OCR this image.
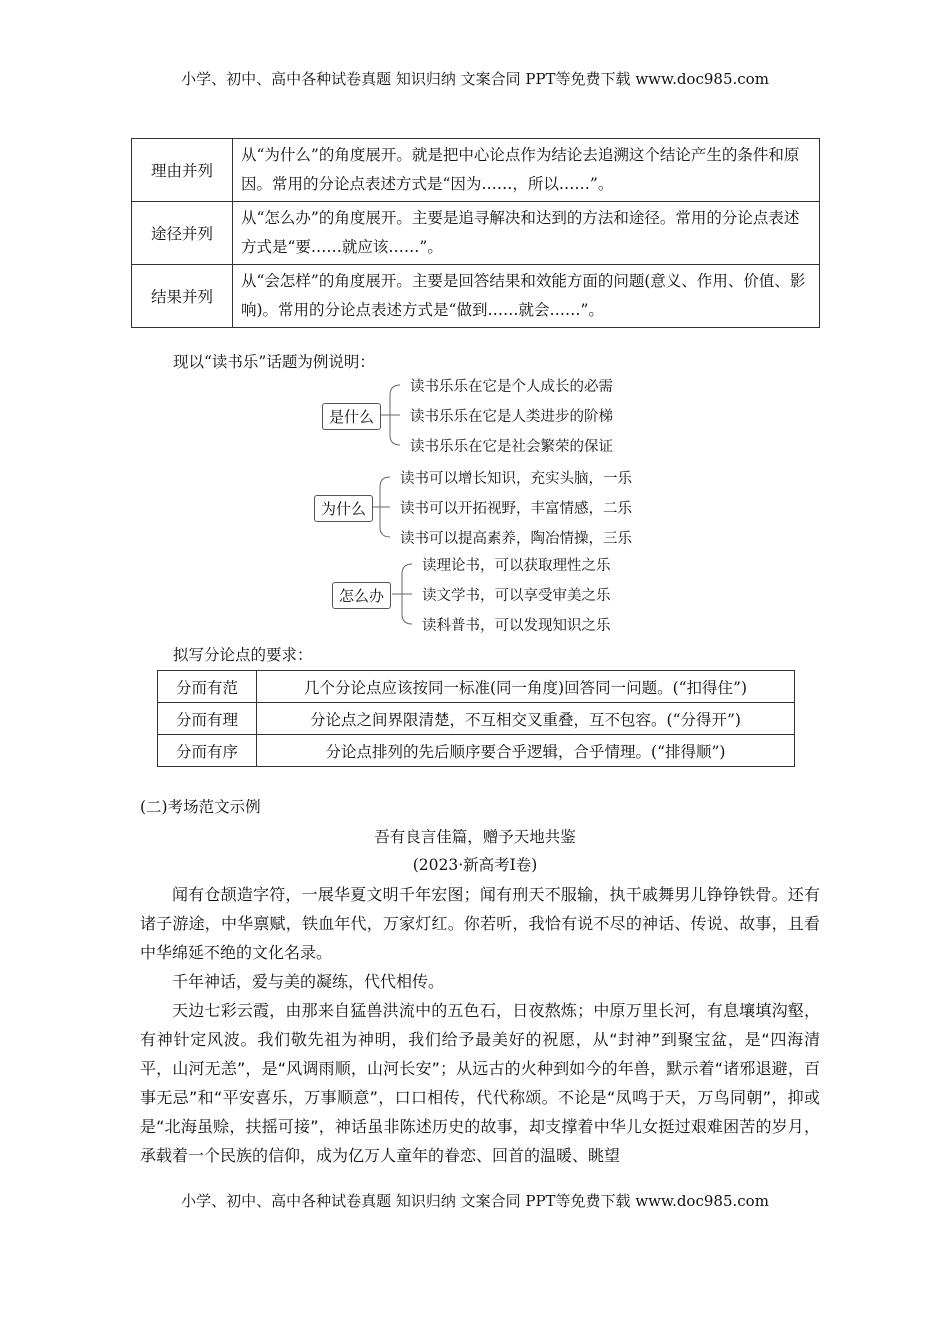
小学、初中、高中各种试卷真题 知识归纳 文案合同 PPT等免费下载 www.doc985.com
理由并列	从“为什么”的角度展开。就是把中心论点作为结论去追溯这个结论产生的条件和原因。常用的分论点表述方式是“因为……，所以……”。
途径并列	从“怎么办”的角度展开。主要是追寻解决和达到的方法和途径。常用的分论点表述方式是“要……就应该……”。
结果并列	从“会怎样”的角度展开。主要是回答结果和效能方面的问题(意义、作用、价值、影响)。常用的分论点表述方式是“做到……就会……”。
现以“读书乐”话题为例说明：
是什么
读书乐乐在它是个人成长的必需
读书乐乐在它是人类进步的阶梯
读书乐乐在它是社会繁荣的保证
为什么
读书可以增长知识，充实头脑，一乐
读书可以开拓视野，丰富情感，二乐
读书可以提高素养，陶冶情操，三乐
怎么办
读理论书，可以获取理性之乐
读文学书，可以享受审美之乐
读科普书，可以发现知识之乐
拟写分论点的要求：
分而有范	几个分论点应该按同一标准(同一角度)回答同一问题。(“扣得住”)
分而有理	分论点之间界限清楚，不互相交叉重叠，互不包容。(“分得开”)
分而有序	分论点排列的先后顺序要合乎逻辑，合乎情理。(“排得顺”)
(二)考场范文示例
吾有良言佳篇，赠予天地共鉴
(2023·新高考Ⅰ卷)

闻有仓颉造字符，一展华夏文明千年宏图；闻有刑天不服输，执干戚舞男儿铮铮铁骨。还有诸子游途，中华禀赋，铁血年代，万家灯红。你若听，我恰有说不尽的神话、传说、故事，且看中华绵延不绝的文化名录。

千年神话，爱与美的凝练，代代相传。

天边七彩云霞，由那来自猛兽洪流中的五色石，日夜熬炼；中原万里长河，有息壤填沟壑，有神针定风波。我们敬先祖为神明，我们给予最美好的祝愿，从“封神”到聚宝盆，是“四海清平，山河无恙”，是“风调雨顺，山河长安”；从远古的火种到如今的年兽，默示着“诸邪退避，百事无忌”和“平安喜乐，万事顺意”，口口相传，代代称颂。不论是“凤鸣于天，万鸟同朝”，抑或是“北海虽赊，扶摇可接”，神话虽非陈述历史的故事，却支撑着中华儿女挺过艰难困苦的岁月，承载着一个民族的信仰，成为亿万人童年的眷恋、回首的温暖、眺望

小学、初中、高中各种试卷真题 知识归纳 文案合同 PPT等免费下载 www.doc985.com
